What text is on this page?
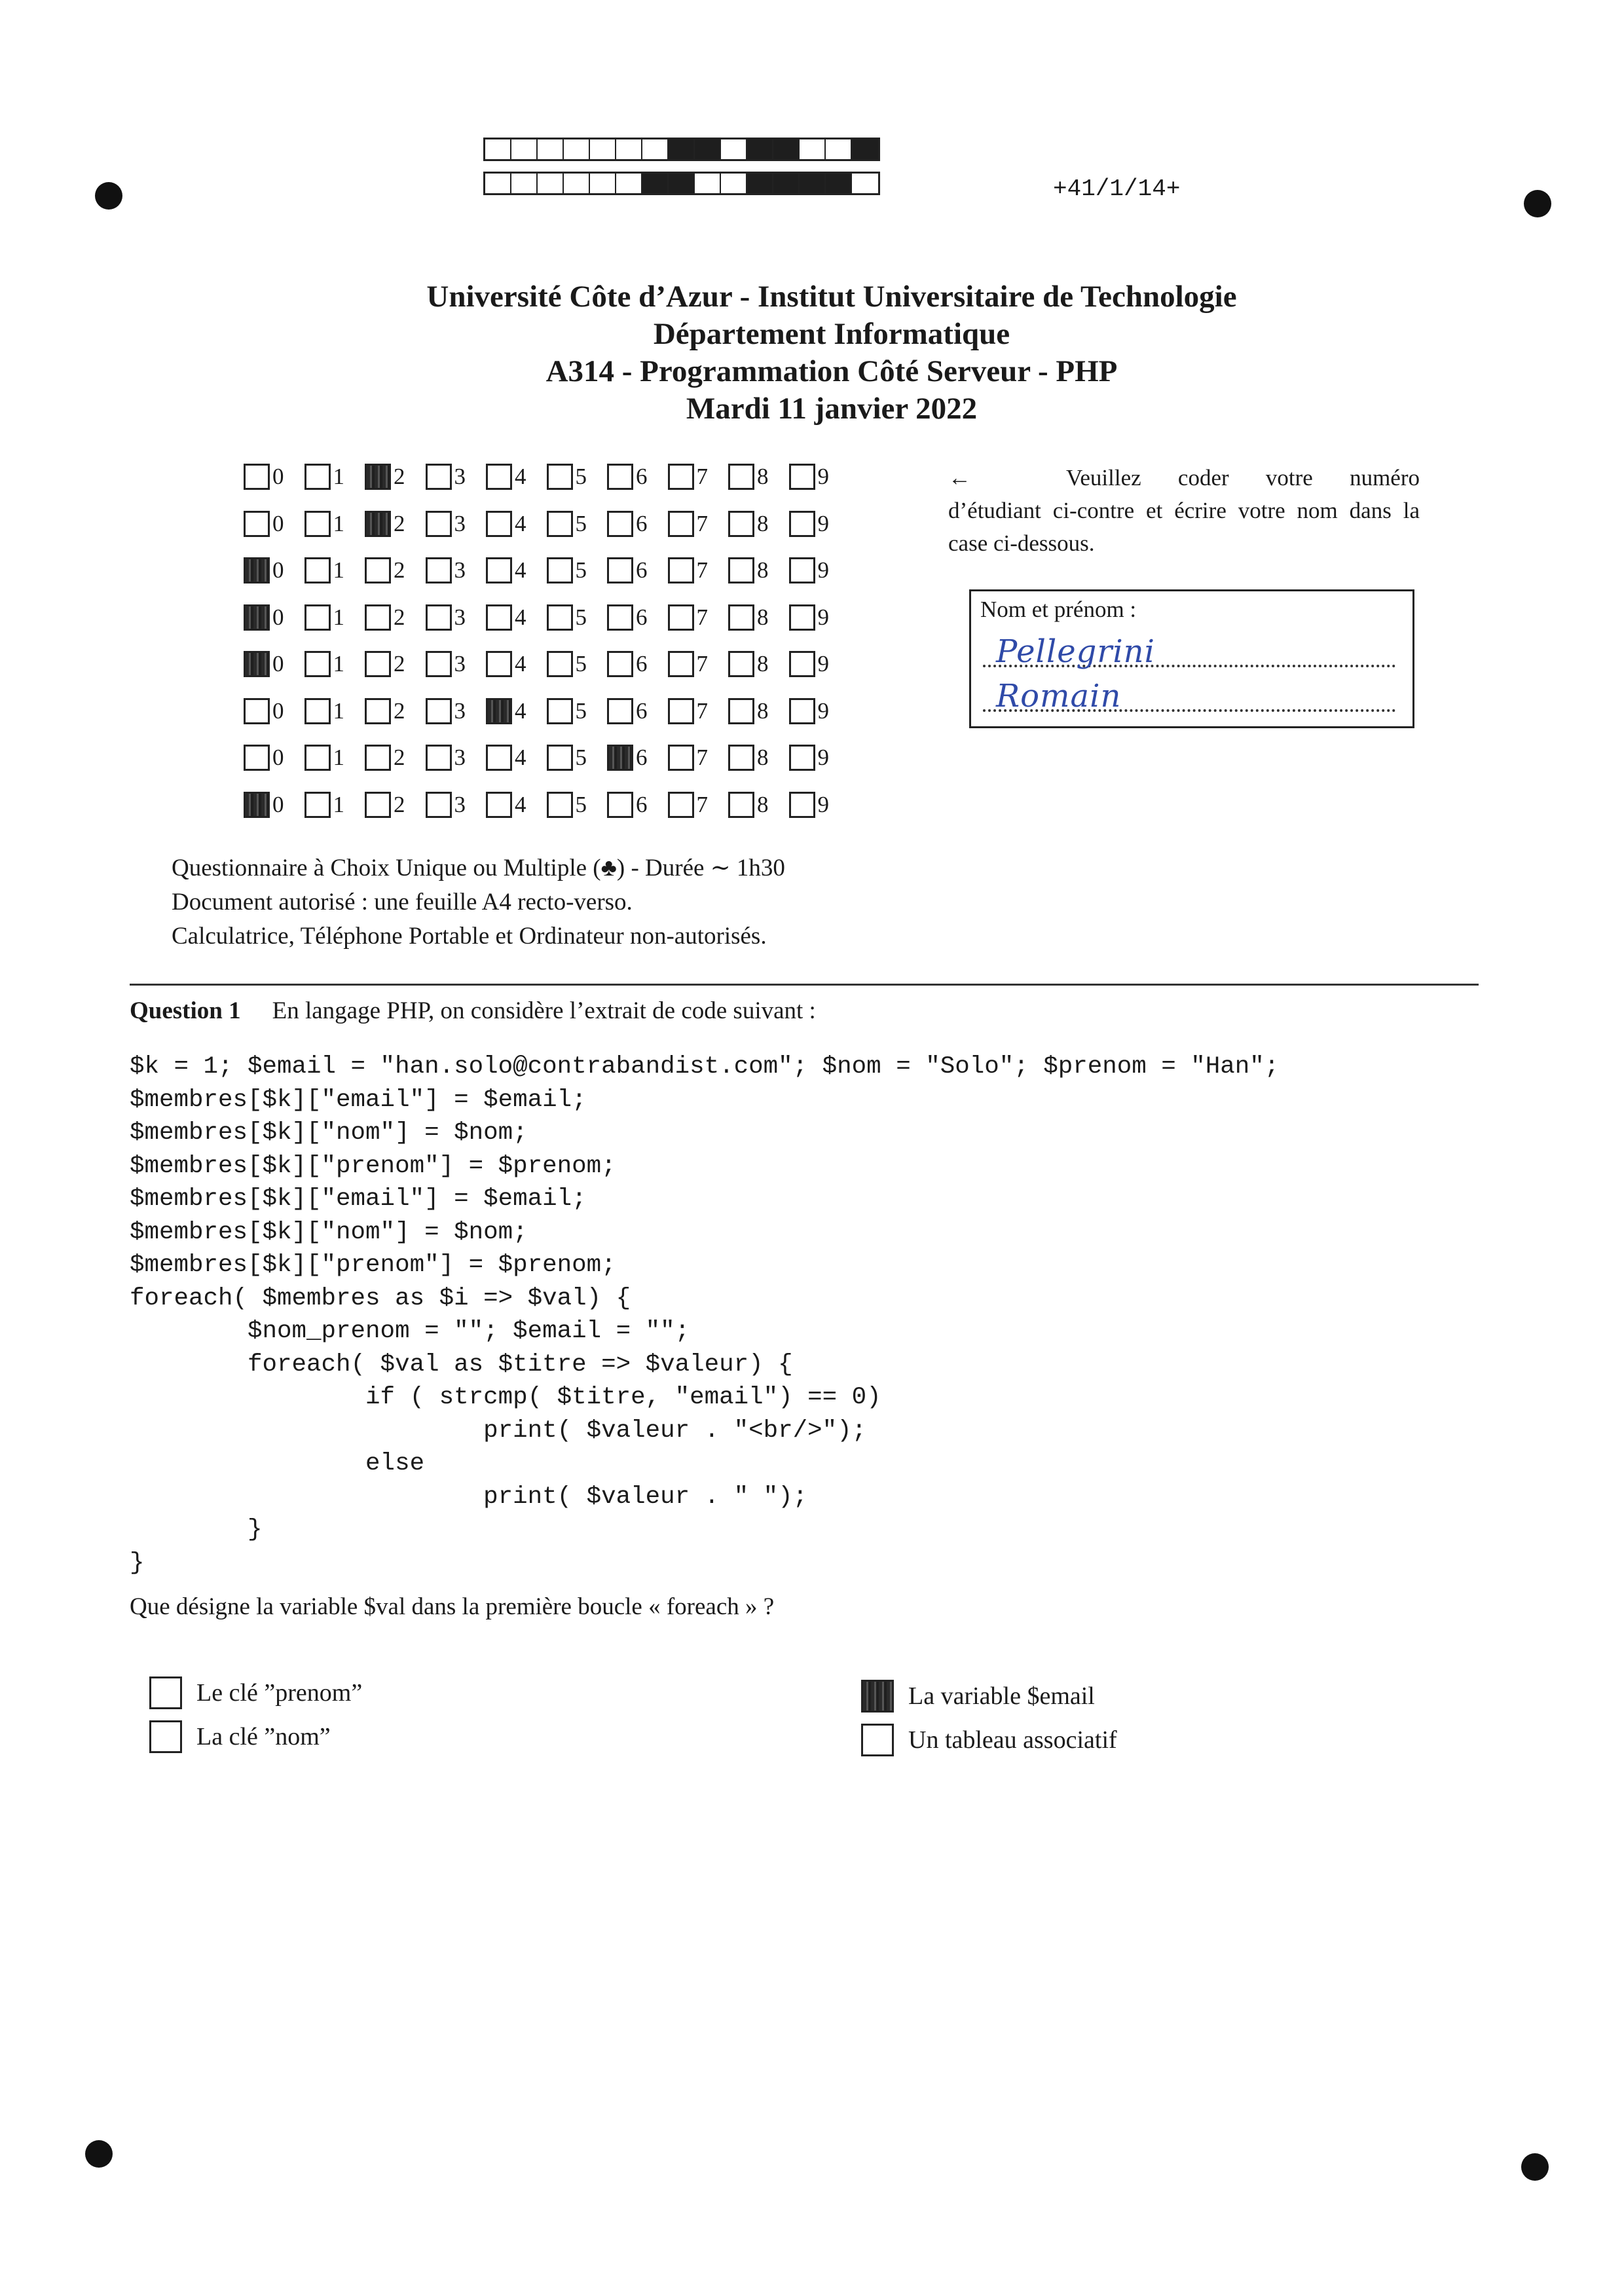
+41/1/14+
Université Côte d’Azur - Institut Universitaire de Technologie
Département Informatique
A314 - Programmation Côté Serveur - PHP
Mardi 11 janvier 2022
0 1 2 3 4 5 6 7 8 9
0 1 2 3 4 5 6 7 8 9
0 1 2 3 4 5 6 7 8 9
0 1 2 3 4 5 6 7 8 9
0 1 2 3 4 5 6 7 8 9
0 1 2 3 4 5 6 7 8 9
0 1 2 3 4 5 6 7 8 9
0 1 2 3 4 5 6 7 8 9
←	Veuillez coder votre numéro d’étudiant ci-contre et écrire votre nom dans la case ci-dessous.
Nom et prénom :
Pellegrini
Romain
Questionnaire à Choix Unique ou Multiple (♣) - Durée ∼ 1h30
Document autorisé : une feuille A4 recto-verso.
Calculatrice, Téléphone Portable et Ordinateur non-autorisés.
Question 1 En langage PHP, on considère l’extrait de code suivant :
$k = 1; $email = "han.solo@contrabandist.com"; $nom = "Solo"; $prenom = "Han";
$membres[$k]["email"] = $email;
$membres[$k]["nom"] = $nom;
$membres[$k]["prenom"] = $prenom;
$membres[$k]["email"] = $email;
$membres[$k]["nom"] = $nom;
$membres[$k]["prenom"] = $prenom;
foreach( $membres as $i => $val) {
$nom_prenom = ""; $email = "";
foreach( $val as $titre => $valeur) {
if ( strcmp( $titre, "email") == 0)
print( $valeur . "<br/>");
else
print( $valeur . " ");
}
}
Que désigne la variable $val dans la première boucle « foreach » ?
Le clé ”prenom”
La clé ”nom”
La variable $email
Un tableau associatif
